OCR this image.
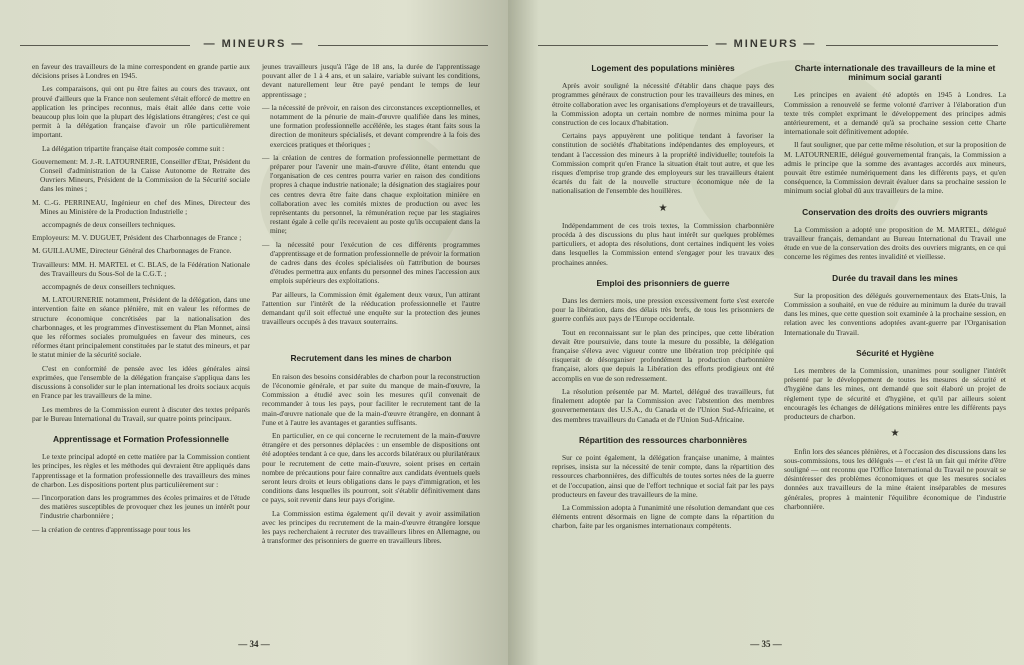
— MINEURS —

en faveur des travailleurs de la mine correspondent en grande partie aux décisions prises à Londres en 1945.

Les comparaisons, qui ont pu être faites au cours des travaux, ont prouvé d'ailleurs que la France non seulement s'était efforcé de mettre en application les principes reconnus, mais était allée dans cette voie beaucoup plus loin que la plupart des législations étrangères; c'est ce qui permit à la délégation française d'avoir un rôle particulièrement important.

La délégation tripartite française était composée comme suit :

Gouvernement: M. J.-R. LATOURNERIE, Conseiller d'Etat, Président du Conseil d'administration de la Caisse Autonome de Retraite des Ouvriers Mineurs, Président de la Commission de la Sécurité sociale dans les mines ;

M. C.-G. PERRINEAU, Ingénieur en chef des Mines, Directeur des Mines au Ministère de la Production Industrielle ;

accompagnés de deux conseillers techniques.

Employeurs: M. V. DUGUET, Président des Charbonnages de France ;

M. GUILLAUME, Directeur Général des Charbonnages de France.

Travailleurs: MM. H. MARTEL et C. BLAS, de la Fédération Nationale des Travailleurs du Sous-Sol de la C.G.T. ;

accompagnés de deux conseillers techniques.

M. LATOURNERIE notamment, Président de la délégation, dans une intervention faite en séance plénière, mit en valeur les réformes de structure économique concrétisées par la nationalisation des charbonnages, et les programmes d'investissement du Plan Monnet, ainsi que les réformes sociales promulguées en faveur des mineurs, ces réformes étant principalement constituées par le statut des mineurs, et par le statut minier de la sécurité sociale.

C'est en conformité de pensée avec les idées générales ainsi exprimées, que l'ensemble de la délégation française s'appliqua dans les discussions à consolider sur le plan international les droits sociaux acquis en France par les travailleurs de la mine.

Les membres de la Commission eurent à discuter des textes préparés par le Bureau International du Travail, sur quatre points principaux.

Apprentissage et Formation Professionnelle

Le texte principal adopté en cette matière par la Commission contient les principes, les règles et les méthodes qui devraient être appliqués dans l'apprentissage et la formation professionnelle des travailleurs des mines de charbon. Les dispositions portent plus particulièrement sur :

— l'incorporation dans les programmes des écoles primaires et de l'étude des matières susceptibles de provoquer chez les jeunes un intérêt pour l'industrie charbonnière ;

— la création de centres d'apprentissage pour tous les

jeunes travailleurs jusqu'à l'âge de 18 ans, la durée de l'apprentissage pouvant aller de 1 à 4 ans, et un salaire, variable suivant les conditions, devant naturellement leur être payé pendant le temps de leur apprentissage ;

— la nécessité de prévoir, en raison des circonstances exceptionnelles, et notamment de la pénurie de main-d'œuvre qualifiée dans les mines, une formation professionnelle accélérée, les stages étant faits sous la direction de moniteurs spécialisés, et devant comprendre à la fois des exercices pratiques et théoriques ;

— la création de centres de formation professionnelle permettant de préparer pour l'avenir une main-d'œuvre d'élite, étant entendu que l'organisation de ces centres pourra varier en raison des conditions propres à chaque industrie nationale; la désignation des stagiaires pour ces centres devra être faite dans chaque exploitation minière en collaboration avec les comités mixtes de production ou avec les représentants du personnel, la rémunération reçue par les stagiaires restant égale à celle qu'ils recevaient au poste qu'ils occupaient dans la mine;

— la nécessité pour l'exécution de ces différents programmes d'apprentissage et de formation professionnelle de prévoir la formation de cadres dans des écoles spécialisées où l'attribution de bourses d'études permettra aux enfants du personnel des mines l'accession aux emplois supérieurs des exploitations.

Par ailleurs, la Commission émit également deux vœux, l'un attirant l'attention sur l'intérêt de la rééducation professionnelle et l'autre demandant qu'il soit effectué une enquête sur la protection des jeunes travailleurs occupés à des travaux souterrains.

Recrutement dans les mines de charbon

En raison des besoins considérables de charbon pour la reconstruction de l'économie générale, et par suite du manque de main-d'œuvre, la Commission a étudié avec soin les mesures qu'il convenait de recommander à tous les pays, pour faciliter le recrutement tant de la main-d'œuvre nationale que de la main-d'œuvre étrangère, en donnant à l'une et à l'autre les avantages et garanties suffisants.

En particulier, en ce qui concerne le recrutement de la main-d'œuvre étrangère et des personnes déplacées : un ensemble de dispositions ont été adoptées tendant à ce que, dans les accords bilatéraux ou plurilatéraux pour le recrutement de cette main-d'œuvre, soient prises en certain nombre de précautions pour faire connaître aux candidats éventuels quels seront leurs droits et leurs obligations dans le pays d'immigration, et les conditions dans lesquelles ils pourront, soit s'établir définitivement dans ce pays, soit revenir dans leur pays d'origine.

La Commission estima également qu'il devait y avoir assimilation avec les principes du recrutement de la main-d'œuvre étrangère lorsque les pays recherchaient à recruter des travailleurs libres en Allemagne, ou à transformer des prisonniers de guerre en travailleurs libres.

— 34 —
— MINEURS —
Logement des populations minières

Après avoir souligné la nécessité d'établir dans chaque pays des programmes généraux de construction pour les travailleurs des mines, en étroite collaboration avec les organisations d'employeurs et de travailleurs, la Commission adopta un certain nombre de normes minima pour la construction de ces locaux d'habitation.

Certains pays appuyèrent une politique tendant à favoriser la constitution de sociétés d'habitations indépendantes des employeurs, et tendant à l'accession des mineurs à la propriété individuelle; toutefois la Commission comprit qu'en France la situation était tout autre, et que les risques d'emprise trop grande des employeurs sur les travailleurs étaient écartés du fait de la nouvelle structure économique née de la nationalisation de l'ensemble des houillères.

★

Indépendamment de ces trois textes, la Commission charbonnière procéda à des discussions du plus haut intérêt sur quelques problèmes particuliers, et adopta des résolutions, dont certaines indiquent les voies dans lesquelles la Commission entend s'engager pour les travaux des prochaines années.

Emploi des prisonniers de guerre

Dans les derniers mois, une pression excessivement forte s'est exercée pour la libération, dans des délais très brefs, de tous les prisonniers de guerre confiés aux pays de l'Europe occidentale.

Tout en reconnaissant sur le plan des principes, que cette libération devait être poursuivie, dans toute la mesure du possible, la délégation française s'éleva avec vigueur contre une libération trop précipitée qui risquerait de désorganiser profondément la production charbonnière française, alors que depuis la Libération des efforts prodigieux ont été accomplis en vue de son redressement.

La résolution présentée par M. Martel, délégué des travailleurs, fut finalement adoptée par la Commission avec l'abstention des membres gouvernementaux des U.S.A., du Canada et de l'Union Sud-Africaine, et des membres travailleurs du Canada et de l'Union Sud-Africaine.

Répartition des ressources charbonnières

Sur ce point également, la délégation française unanime, à maintes reprises, insista sur la nécessité de tenir compte, dans la répartition des ressources charbonnières, des difficultés de toutes sortes nées de la guerre et de l'occupation, ainsi que de l'effort technique et social fait par les pays producteurs en faveur des travailleurs de la mine.

La Commission adopta à l'unanimité une résolution demandant que ces éléments entrent désormais en ligne de compte dans la répartition du charbon, faite par les organismes internationaux compétents.

Charte internationale des travailleurs de la mine et minimum social garanti

Les principes en avaient été adoptés en 1945 à Londres. La Commission a renouvelé se ferme volonté d'arriver à l'élaboration d'un texte très complet exprimant le développement des principes admis antérieurement, et a demandé qu'à sa prochaine session cette Charte internationale soit définitivement adoptée.

Il faut souligner, que par cette même résolution, et sur la proposition de M. LATOURNERIE, délégué gouvernemental français, la Commission a admis le principe que la somme des avantages accordés aux mineurs, pouvait être estimée numériquement dans les différents pays, et qu'en conséquence, la Commission devrait évaluer dans sa prochaine session le minimum social global dû aux travailleurs de la mine.

Conservation des droits des ouvriers migrants

La Commission a adopté une proposition de M. MARTEL, délégué travailleur français, demandant au Bureau International du Travail une étude en vue de la conservation des droits des ouvriers migrants, en ce qui concerne les régimes des rentes invalidité et vieillesse.

Durée du travail dans les mines

Sur la proposition des délégués gouvernementaux des Etats-Unis, la Commission a souhaité, en vue de réduire au minimum la durée du travail dans les mines, que cette question soit examinée à la prochaine session, en relation avec les conventions adoptées avant-guerre par l'Organisation Internationale du Travail.

Sécurité et Hygiène

Les membres de la Commission, unanimes pour souligner l'intérêt présenté par le développement de toutes les mesures de sécurité et d'hygiène dans les mines, ont demandé que soit élaboré un projet de règlement type de sécurité et d'hygiène, et qu'il par ailleurs soient encouragés les échanges de délégations minières entre les différents pays producteurs de charbon.

★

Enfin lors des séances plénières, et à l'occasion des discussions dans les sous-commissions, tous les délégués — et c'est là un fait qui mérite d'être souligné — ont reconnu que l'Office International du Travail ne pouvait se désintéresser des problèmes économiques et que les mesures sociales données aux travailleurs de la mine étaient inséparables de mesures générales, propres à maintenir l'équilibre économique de l'industrie charbonnière.

— 35 —
